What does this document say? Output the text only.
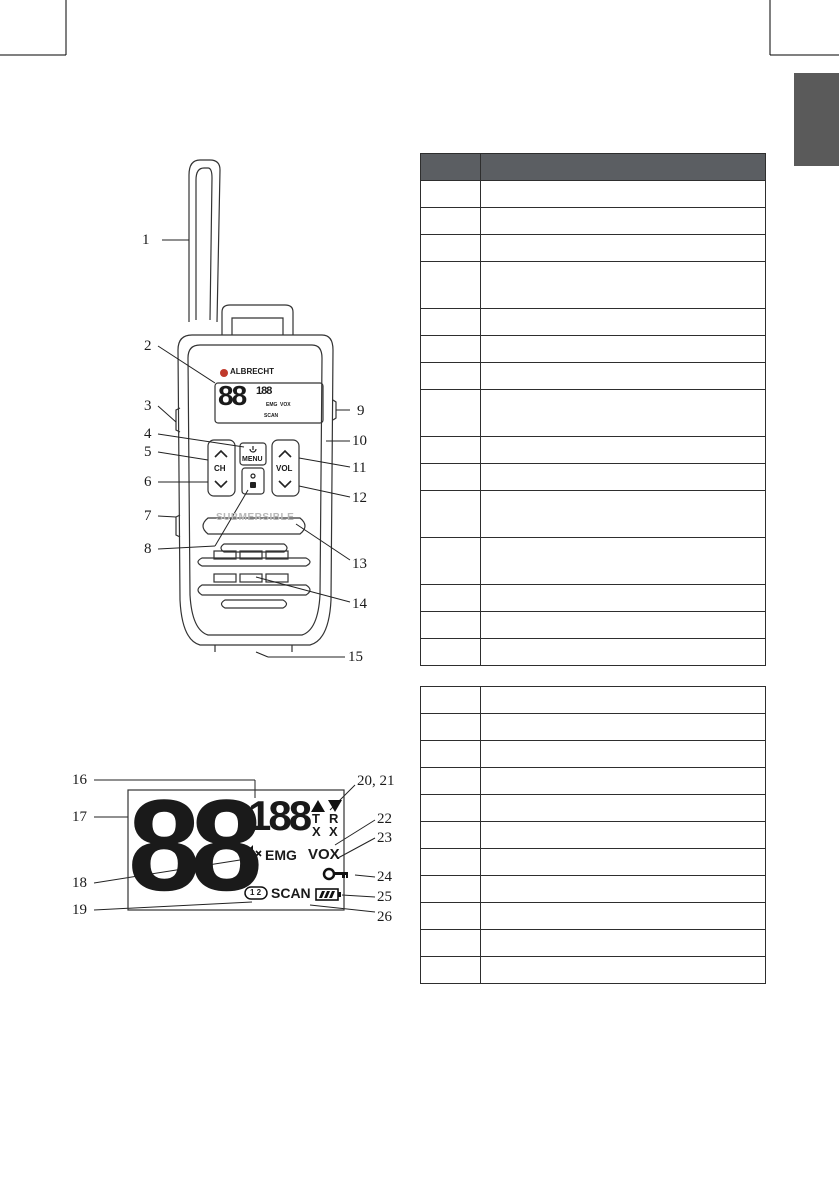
1
2
3
4
5
6
7
8
9
10
11
12
13
14
15
16
17
18
19
20, 21
22
23
24
25
26
ALBRECHT
88 188
EMG VOX
SCAN
MENU
CH	VOL
SUBMERSIBLE
88
188 T R
X X
EMG VOX
SCAN
1 2
